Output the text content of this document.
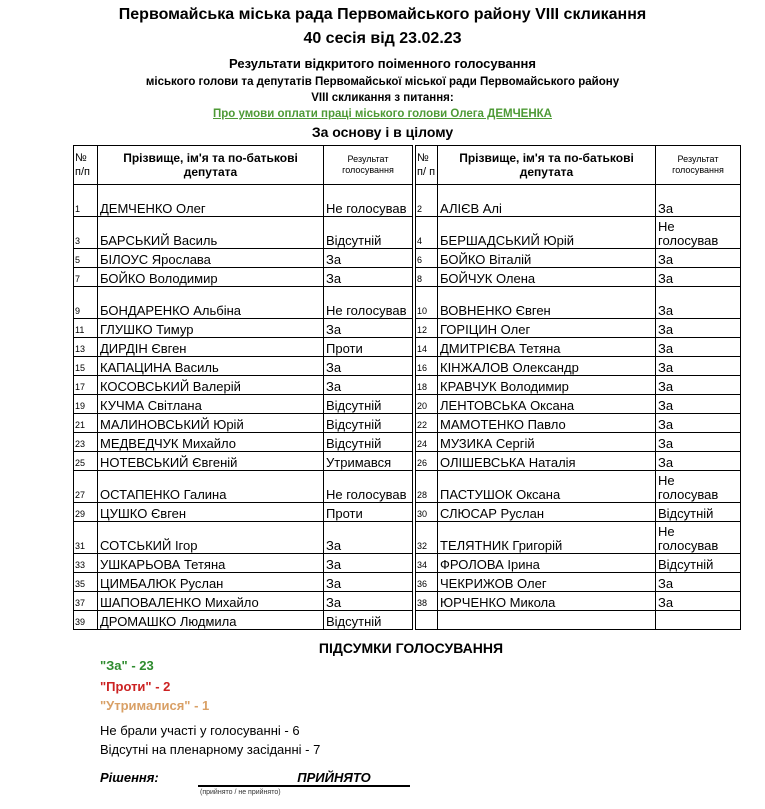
Первомайська міська рада Первомайського району VIII скликання
40 сесія від 23.02.23
Результати відкритого поіменного голосування
міського голови та депутатів Первомайської міської ради Первомайського району
VIII скликання з питання:
Про умови оплати праці міського голови Олега ДЕМЧЕНКА
За основу і в цілому
№ п/п	Прізвище, ім'я та по-батькові депутата	Результат голосування		№ п/ п	Прізвище, ім'я та по-батькові депутата	Результат голосування
1	ДЕМЧЕНКО Олег	Не голосував		2	АЛІЄВ Алі	За
3	БАРСЬКИЙ Василь	Відсутній		4	БЕРШАДСЬКИЙ Юрій	Не голосував
5	БІЛОУС Ярослава	За		6	БОЙКО Віталій	За
7	БОЙКО Володимир	За		8	БОЙЧУК Олена	За
9	БОНДАРЕНКО Альбіна	Не голосував		10	ВОВНЕНКО Євген	За
11	ГЛУШКО Тимур	За		12	ГОРІЦИН Олег	За
13	ДИРДІН Євген	Проти		14	ДМИТРІЄВА Тетяна	За
15	КАПАЦИНА Василь	За		16	КІНЖАЛОВ Олександр	За
17	КОСОВСЬКИЙ Валерій	За		18	КРАВЧУК Володимир	За
19	КУЧМА Світлана	Відсутній		20	ЛЕНТОВСЬКА Оксана	За
21	МАЛИНОВСЬКИЙ Юрій	Відсутній		22	МАМОТЕНКО Павло	За
23	МЕДВЕДЧУК Михайло	Відсутній		24	МУЗИКА Сергій	За
25	НОТЕВСЬКИЙ Євгеній	Утримався		26	ОЛІШЕВСЬКА Наталія	За
27	ОСТАПЕНКО Галина	Не голосував		28	ПАСТУШОК Оксана	Не голосував
29	ЦУШКО Євген	Проти		30	СЛЮСАР Руслан	Відсутній
31	СОТСЬКИЙ Ігор	За		32	ТЕЛЯТНИК Григорій	Не голосував
33	УШКАРЬОВА Тетяна	За		34	ФРОЛОВА Ірина	Відсутній
35	ЦИМБАЛЮК Руслан	За		36	ЧЕКРИЖОВ Олег	За
37	ШАПОВАЛЕНКО Михайло	За		38	ЮРЧЕНКО Микола	За
39	ДРОМАШКО Людмила	Відсутній				
ПІДСУМКИ ГОЛОСУВАННЯ
"За" - 23
"Проти" - 2
"Утрималися" - 1
Не брали участі у голосуванні - 6
Відсутні на пленарному засіданні - 7
Рішення:	ПРИЙНЯТО
(прийнято / не прийнято)
